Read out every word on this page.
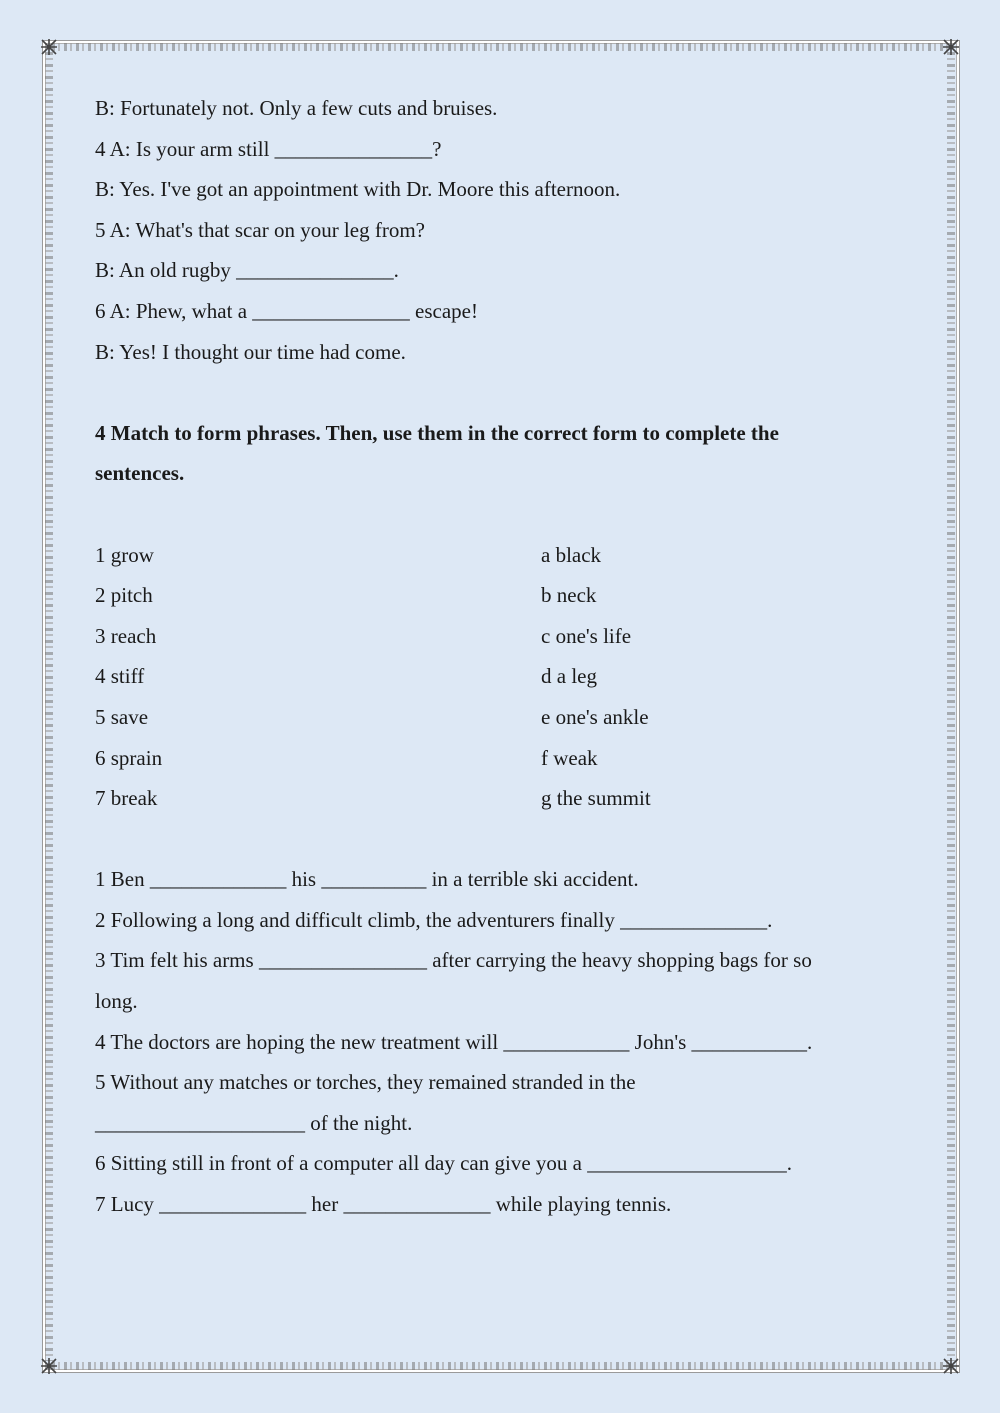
B: Fortunately not. Only a few cuts and bruises.
4 A: Is your arm still _______________?
B: Yes. I've got an appointment with Dr. Moore this afternoon.
5 A: What's that scar on your leg from?
B: An old rugby _______________.
6 A: Phew, what a _______________ escape!
B: Yes! I thought our time had come.
4 Match to form phrases. Then, use them in the correct form to complete the
sentences.
1 grow	a black
2 pitch	b neck
3 reach	c one's life
4 stiff	d a leg
5 save	e one's ankle
6 sprain	f weak
7 break	g the summit
1 Ben _____________ his __________ in a terrible ski accident.
2 Following a long and difficult climb, the adventurers finally ______________.
3 Tim felt his arms ________________ after carrying the heavy shopping bags for so
long.
4 The doctors are hoping the new treatment will ____________ John's ___________.
5 Without any matches or torches, they remained stranded in the
____________________ of the night.
6 Sitting still in front of a computer all day can give you a ___________________.
7 Lucy ______________ her ______________ while playing tennis.
